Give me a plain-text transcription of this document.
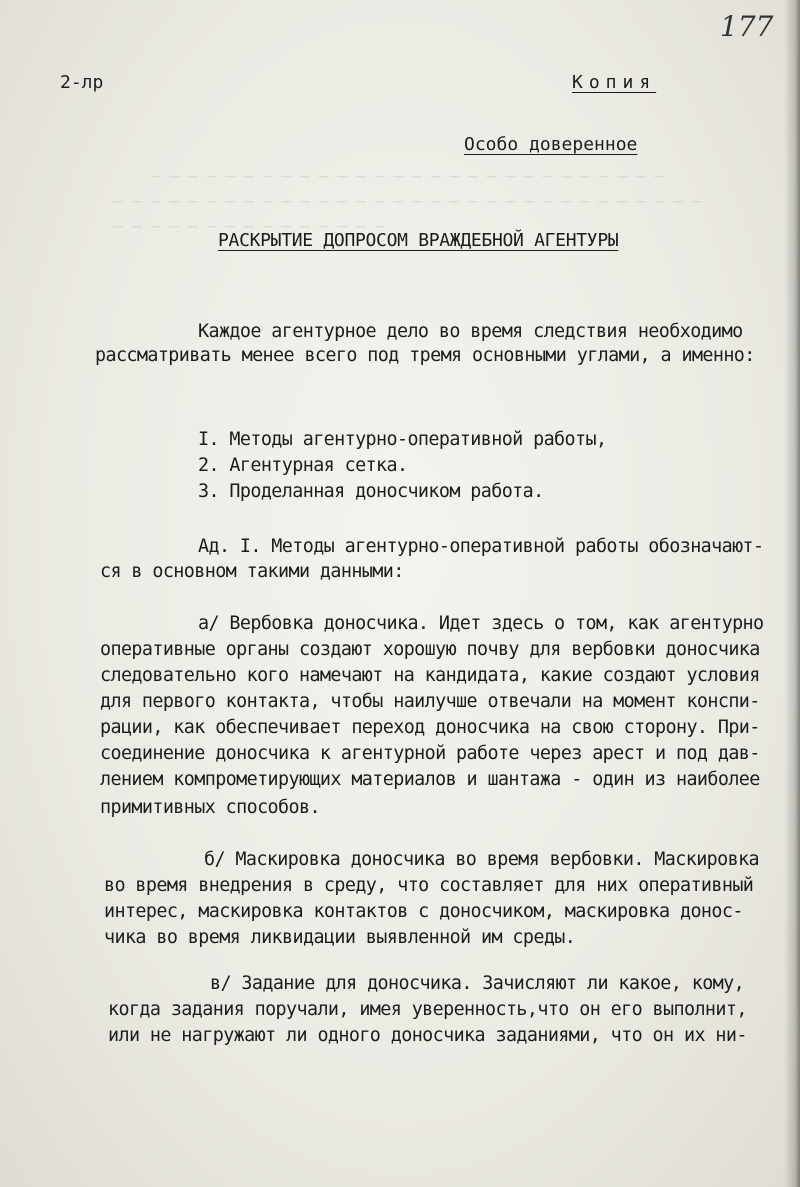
─ ─ ─ ─ ─ ─ ─ ─ ─ ─ ─ ─ ─ ─ ─ ─ ─ ─ ─ ─ ─ ─ ─ ─ ─ ─ ─ ─
─ ─ ─ ─ ─ ─ ─ ─ ─ ─ ─ ─ ─ ─ ─ ─ ─ ─ ─ ─ ─ ─ ─ ─ ─ ─ ─ ─ ─ ─ ─ ─
─ ─ ─ ─ ─ ─ ─ ─ ─ ─ ─ ─ ─ ─ ─
177
2-лр	Копия
Особо доверенное
РАСКРЫТИЕ ДОПРОСОМ ВРАЖДЕБНОЙ АГЕНТУРЫ
Каждое агентурное дело во время следствия необходимо
рассматривать менее всего под тремя основными углами, а именно:
I. Методы агентурно-оперативной работы,
2. Агентурная сетка.
3. Проделанная доносчиком работа.
Ад. I. Методы агентурно-оперативной работы обозначают-
ся в основном такими данными:
а/ Вербовка доносчика. Идет здесь о том, как агентурно
оперативные органы создают хорошую почву для вербовки доносчика
следовательно кого намечают на кандидата, какие создают условия
для первого контакта, чтобы наилучше отвечали на момент конспи-
рации, как обеспечивает переход доносчика на свою сторону. При-
соединение доносчика к агентурной работе через арест и под дав-
лением компрометирующих материалов и шантажа - один из наиболее
примитивных способов.
б/ Маскировка доносчика во время вербовки. Маскировка
во время внедрения в среду, что составляет для них оперативный
интерес, маскировка контактов с доносчиком, маскировка донос-
чика во время ликвидации выявленной им среды.
в/ Задание для доносчика. Зачисляют ли какое, кому,
когда задания поручали, имея уверенность,что он его выполнит,
или не нагружают ли одного доносчика заданиями, что он их ни-
